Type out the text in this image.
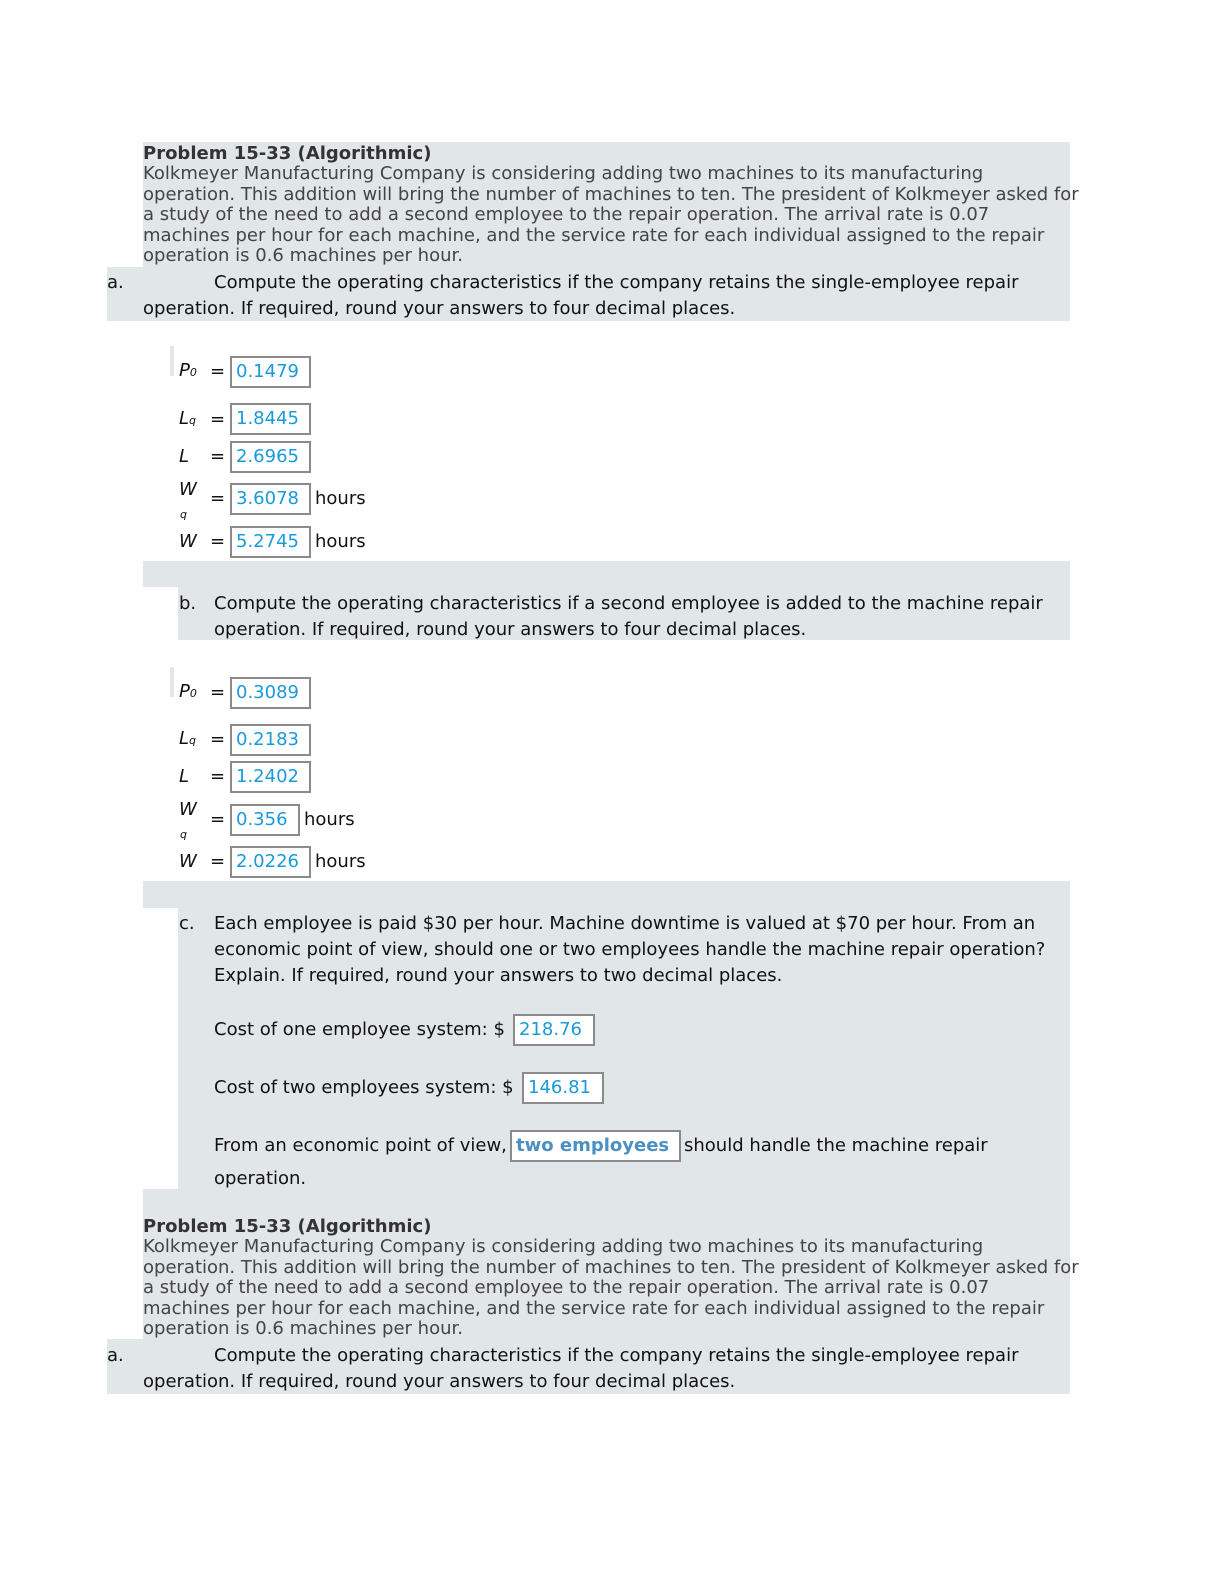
Problem 15-33 (Algorithmic)
Kolkmeyer Manufacturing Company is considering adding two machines to its manufacturing
operation. This addition will bring the number of machines to ten. The president of Kolkmeyer asked for
a study of the need to add a second employee to the repair operation. The arrival rate is 0.07
machines per hour for each machine, and the service rate for each individual assigned to the repair
operation is 0.6 machines per hour.
a.	Compute the operating characteristics if the company retains the single-employee repair
operation. If required, round your answers to four decimal places.
P0 = 0.1479
Lq = 1.8445
L = 2.6965
W
q
= 3.6078 hours
W = 5.2745 hours
b. Compute the operating characteristics if a second employee is added to the machine repair
operation. If required, round your answers to four decimal places.
P0 = 0.3089
Lq = 0.2183
L = 1.2402
W
q
= 0.356 hours
W = 2.0226 hours
c. Each employee is paid $30 per hour. Machine downtime is valued at $70 per hour. From an
economic point of view, should one or two employees handle the machine repair operation?
Explain. If required, round your answers to two decimal places.
Cost of one employee system: $ 218.76
Cost of two employees system: $ 146.81
From an economic point of view, two employees should handle the machine repair
operation.
Problem 15-33 (Algorithmic)
Kolkmeyer Manufacturing Company is considering adding two machines to its manufacturing
operation. This addition will bring the number of machines to ten. The president of Kolkmeyer asked for
a study of the need to add a second employee to the repair operation. The arrival rate is 0.07
machines per hour for each machine, and the service rate for each individual assigned to the repair
operation is 0.6 machines per hour.
a.	Compute the operating characteristics if the company retains the single-employee repair
operation. If required, round your answers to four decimal places.
